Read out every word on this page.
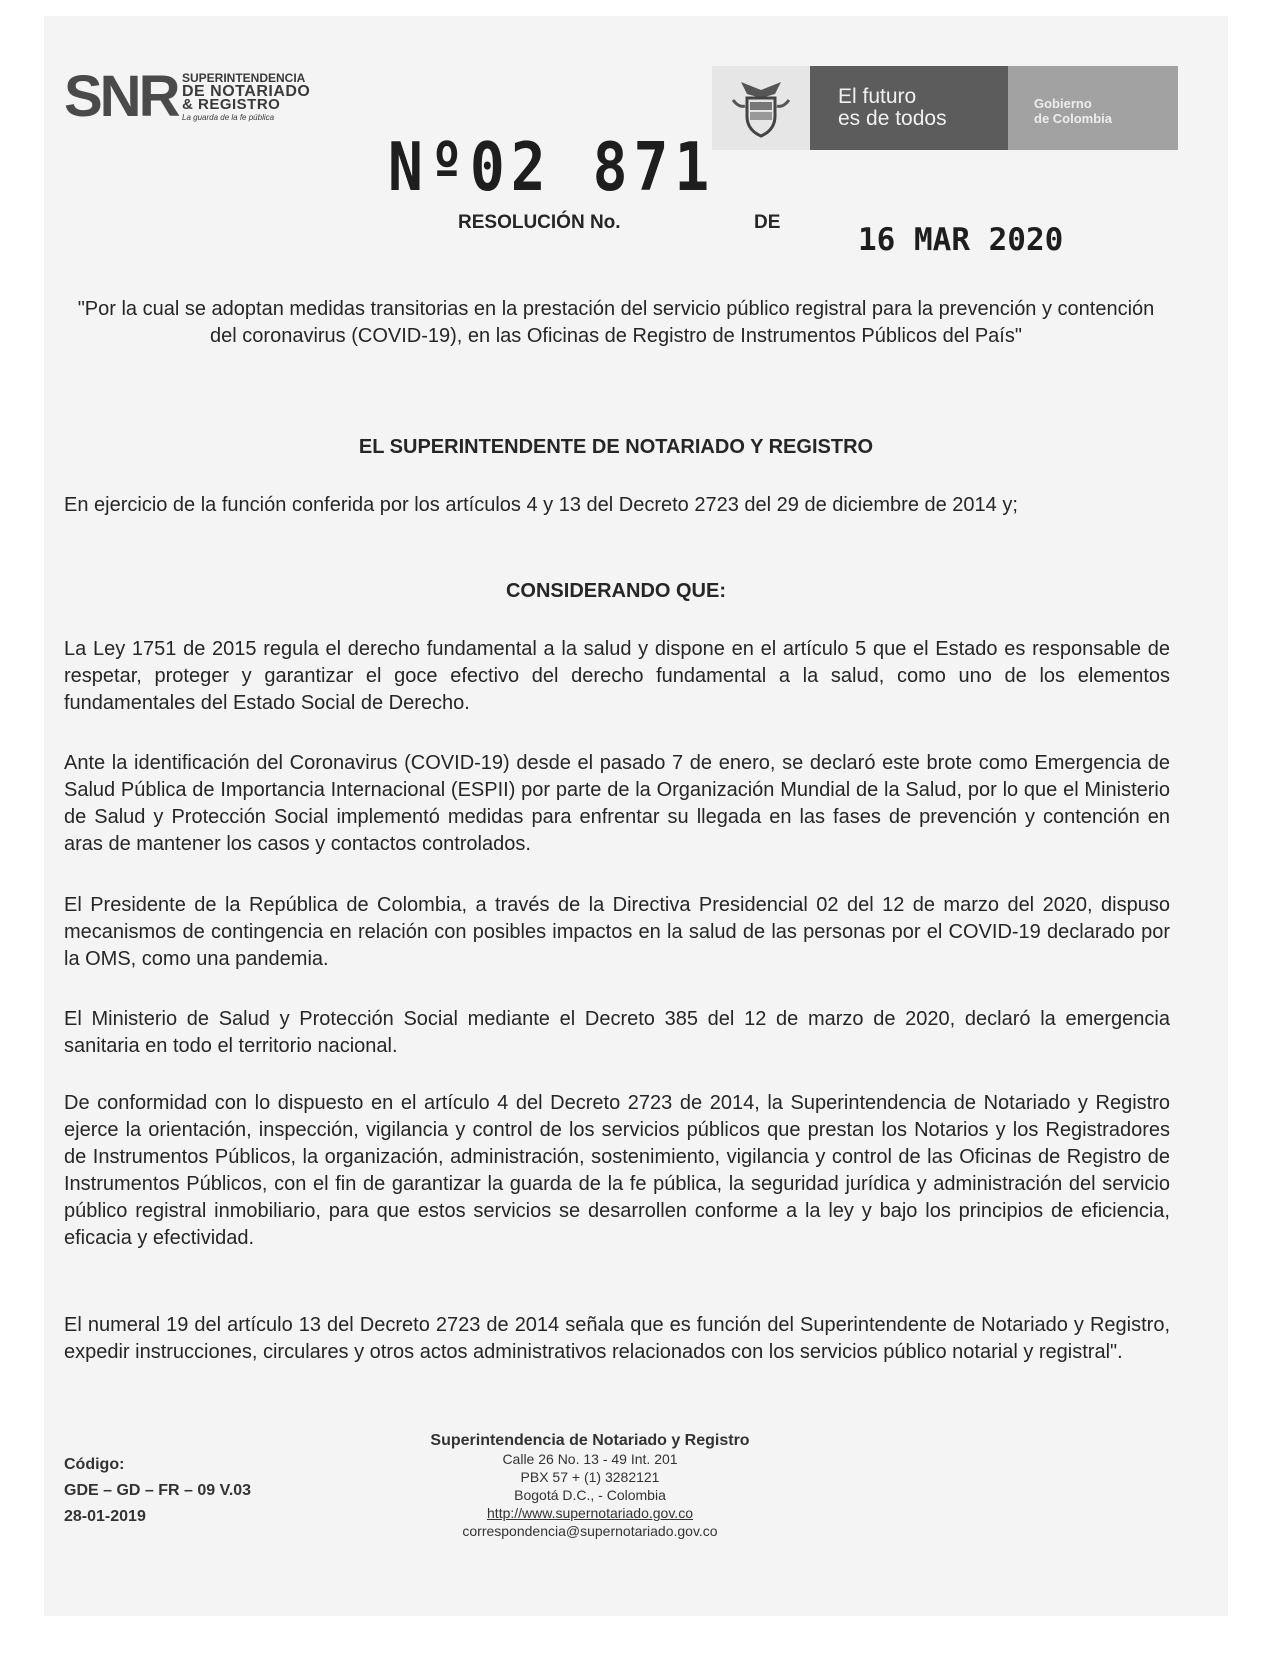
SNR SUPERINTENDENCIA
DE NOTARIADO
& REGISTRO
La guarda de la fe pública
El futuro
es de todos
Gobierno
de Colombia
Nº02 871
RESOLUCIÓN No.	DE	16 MAR 2020
"Por la cual se adoptan medidas transitorias en la prestación del servicio público registral para la prevención y contención del coronavirus (COVID-19), en las Oficinas de Registro de Instrumentos Públicos del País"
EL SUPERINTENDENTE DE NOTARIADO Y REGISTRO
En ejercicio de la función conferida por los artículos 4 y 13 del Decreto 2723 del 29 de diciembre de 2014 y;
CONSIDERANDO QUE:

La Ley 1751 de 2015 regula el derecho fundamental a la salud y dispone en el artículo 5 que el Estado es responsable de respetar, proteger y garantizar el goce efectivo del derecho fundamental a la salud, como uno de los elementos fundamentales del Estado Social de Derecho.

Ante la identificación del Coronavirus (COVID-19) desde el pasado 7 de enero, se declaró este brote como Emergencia de Salud Pública de Importancia Internacional (ESPII) por parte de la Organización Mundial de la Salud, por lo que el Ministerio de Salud y Protección Social implementó medidas para enfrentar su llegada en las fases de prevención y contención en aras de mantener los casos y contactos controlados.

El Presidente de la República de Colombia, a través de la Directiva Presidencial 02 del 12 de marzo del 2020, dispuso mecanismos de contingencia en relación con posibles impactos en la salud de las personas por el COVID-19 declarado por la OMS, como una pandemia.

El Ministerio de Salud y Protección Social mediante el Decreto 385 del 12 de marzo de 2020, declaró la emergencia sanitaria en todo el territorio nacional.

De conformidad con lo dispuesto en el artículo 4 del Decreto 2723 de 2014, la Superintendencia de Notariado y Registro ejerce la orientación, inspección, vigilancia y control de los servicios públicos que prestan los Notarios y los Registradores de Instrumentos Públicos, la organización, administración, sostenimiento, vigilancia y control de las Oficinas de Registro de Instrumentos Públicos, con el fin de garantizar la guarda de la fe pública, la seguridad jurídica y administración del servicio público registral inmobiliario, para que estos servicios se desarrollen conforme a la ley y bajo los principios de eficiencia, eficacia y efectividad.

El numeral 19 del artículo 13 del Decreto 2723 de 2014 señala que es función del Superintendente de Notariado y Registro, expedir instrucciones, circulares y otros actos administrativos relacionados con los servicios público notarial y registral".

Código:
GDE – GD – FR – 09 V.03
28-01-2019
Superintendencia de Notariado y Registro
Calle 26 No. 13 - 49 Int. 201
PBX 57 + (1) 3282121
Bogotá D.C., - Colombia
http://www.supernotariado.gov.co
correspondencia@supernotariado.gov.co
